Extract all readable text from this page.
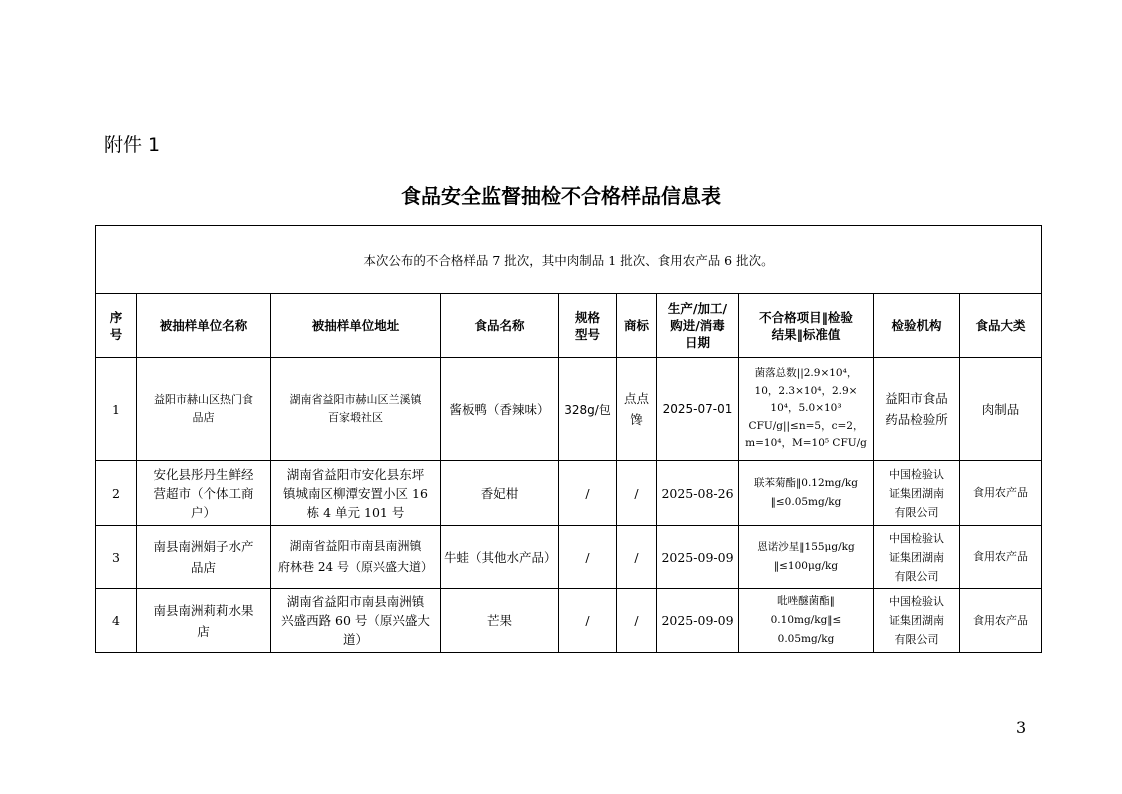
附件 1
食品安全监督抽检不合格样品信息表
本次公布的不合格样品 7 批次，其中肉制品 1 批次、食用农产品 6 批次。									
序
号	被抽样单位名称	被抽样单位地址	食品名称	规格
型号	商标	生产/加工/
购进/消毒
日期	不合格项目‖检验
结果‖标准值	检验机构	食品大类
1	益阳市赫山区热门食
品店	湖南省益阳市赫山区兰溪镇
百家塅社区	酱板鸭（香辣味）	328g/包	点点
馋	2025-07-01	菌落总数||2.9×10⁴，
10，2.3×10⁴，2.9×
10⁴，5.0×10³
CFU/g||≤n=5，c=2，
m=10⁴，M=10⁵ CFU/g	益阳市食品
药品检验所	肉制品
2	安化县彤丹生鲜经
营超市（个体工商
户）	湖南省益阳市安化县东坪
镇城南区柳潭安置小区 16
栋 4 单元 101 号	香妃柑	/	/	2025-08-26	联苯菊酯‖0.12mg/kg
‖≤0.05mg/kg	中国检验认
证集团湖南
有限公司	食用农产品
3	南县南洲娟子水产
品店	湖南省益阳市南县南洲镇
府林巷 24 号（原兴盛大道）	牛蛙（其他水产品）	/	/	2025-09-09	恩诺沙星‖155μg/kg
‖≤100μg/kg	中国检验认
证集团湖南
有限公司	食用农产品
4	南县南洲莉莉水果
店	湖南省益阳市南县南洲镇
兴盛西路 60 号（原兴盛大
道）	芒果	/	/	2025-09-09	吡唑醚菌酯‖
0.10mg/kg‖≤
0.05mg/kg	中国检验认
证集团湖南
有限公司	食用农产品
3
